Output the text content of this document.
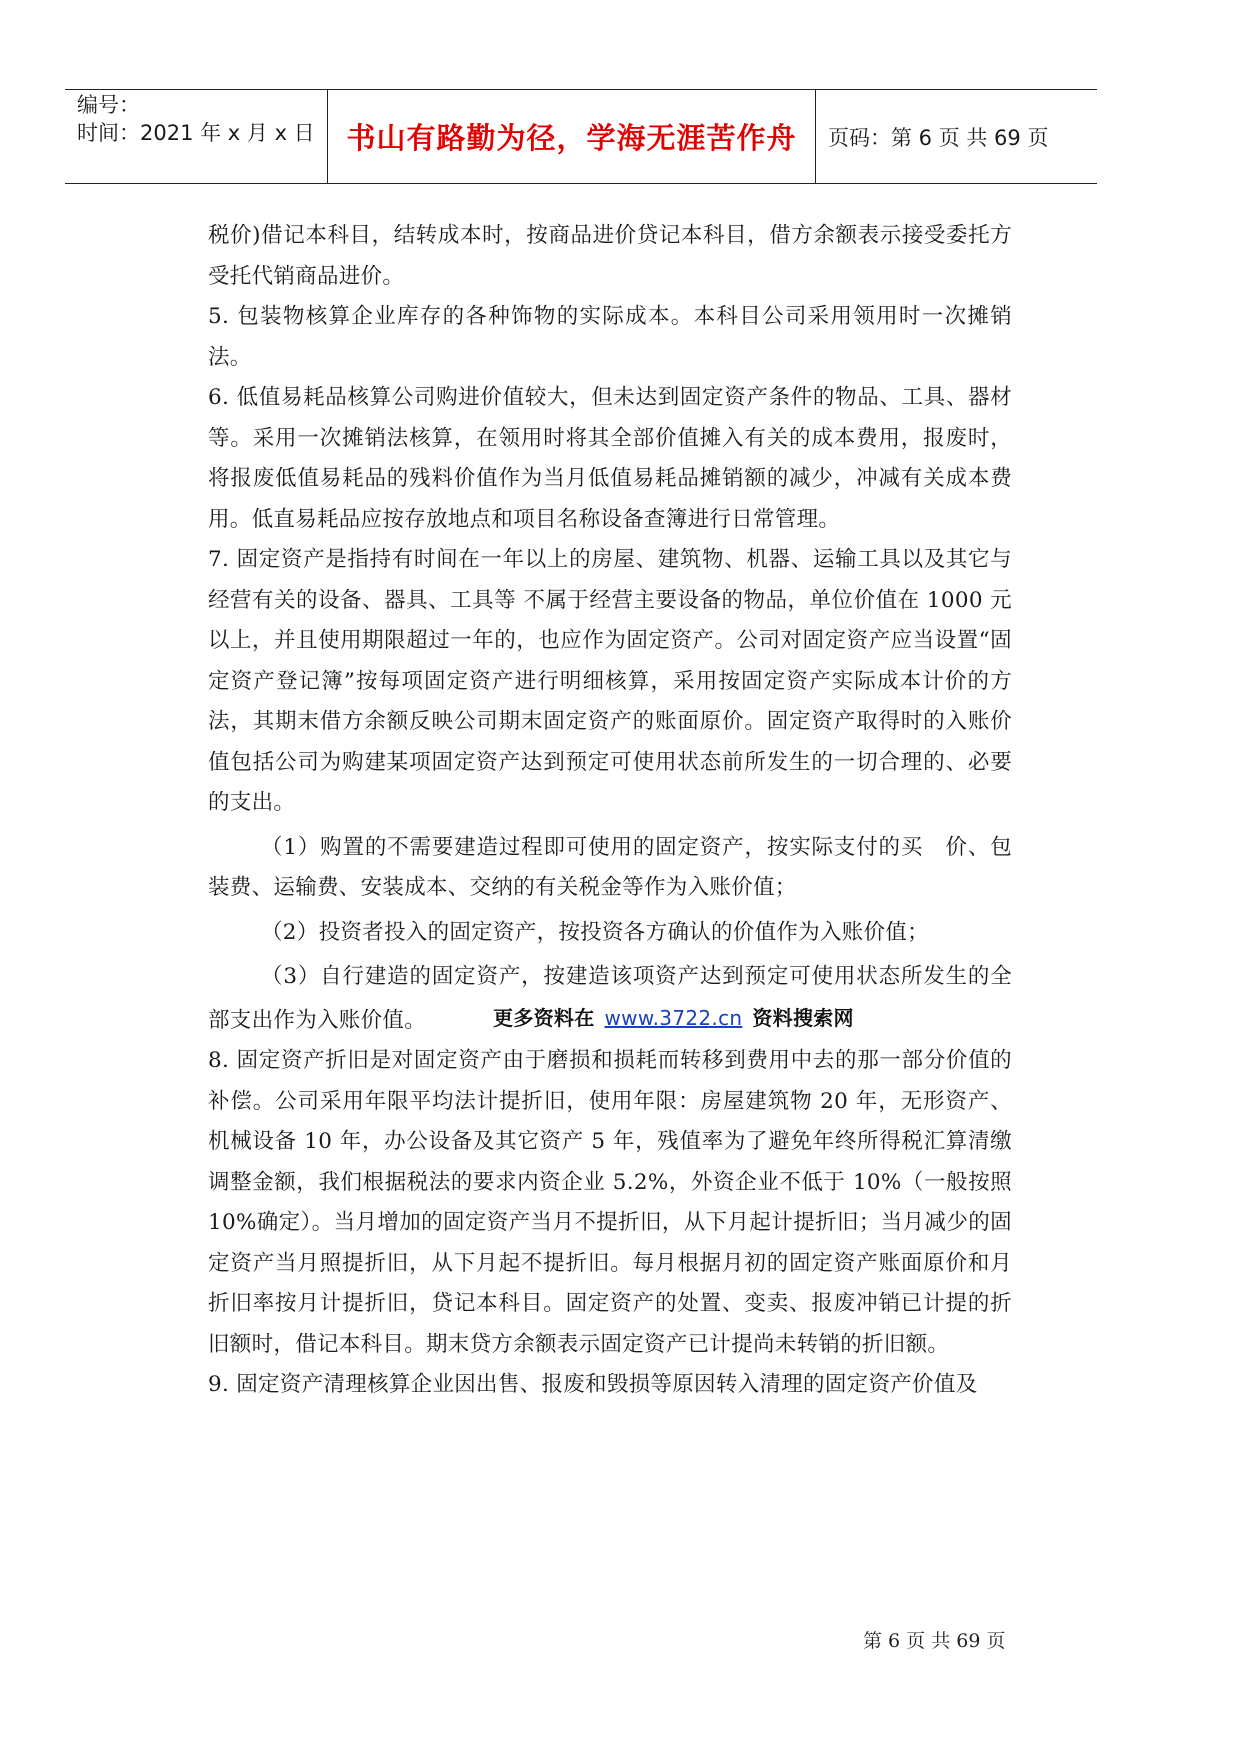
编号：
时间：2021 年 x 月 x 日	书山有路勤为径，学海无涯苦作舟	页码：第 6 页 共 69 页

税价)借记本科目，结转成本时，按商品进价贷记本科目，借方余额表示接受委托方受托代销商品进价。

5. 包装物核算企业库存的各种饰物的实际成本。本科目公司采用领用时一次摊销法。

6. 低值易耗品核算公司购进价值较大，但未达到固定资产条件的物品、工具、器材等。采用一次摊销法核算，在领用时将其全部价值摊入有关的成本费用，报废时，将报废低值易耗品的残料价值作为当月低值易耗品摊销额的减少，冲减有关成本费用。低直易耗品应按存放地点和项目名称设备查簿进行日常管理。

7. 固定资产是指持有时间在一年以上的房屋、建筑物、机器、运输工具以及其它与经营有关的设备、器具、工具等 不属于经营主要设备的物品，单位价值在 1000 元以上，并且使用期限超过一年的，也应作为固定资产。公司对固定资产应当设置“固定资产登记簿”按每项固定资产进行明细核算，采用按固定资产实际成本计价的方法，其期末借方余额反映公司期末固定资产的账面原价。固定资产取得时的入账价值包括公司为购建某项固定资产达到预定可使用状态前所发生的一切合理的、必要的支出。

（1）购置的不需要建造过程即可使用的固定资产，按实际支付的买　价、包装费、运输费、安装成本、交纳的有关税金等作为入账价值；

（2）投资者投入的固定资产，按投资各方确认的价值作为入账价值；

（3）自行建造的固定资产，按建造该项资产达到预定可使用状态所发生的全部支出作为入账价值。	更多资料在 www.3722.cn 资料搜索网

8. 固定资产折旧是对固定资产由于磨损和损耗而转移到费用中去的那一部分价值的补偿。公司采用年限平均法计提折旧，使用年限：房屋建筑物 20 年，无形资产、机械设备 10 年，办公设备及其它资产 5 年，残值率为了避免年终所得税汇算清缴调整金额，我们根据税法的要求内资企业 5.2%，外资企业不低于 10%（一般按照 10%确定）。当月增加的固定资产当月不提折旧，从下月起计提折旧；当月减少的固定资产当月照提折旧，从下月起不提折旧。每月根据月初的固定资产账面原价和月折旧率按月计提折旧，贷记本科目。固定资产的处置、变卖、报废冲销已计提的折旧额时，借记本科目。期末贷方余额表示固定资产已计提尚未转销的折旧额。

9. 固定资产清理核算企业因出售、报废和毁损等原因转入清理的固定资产价值及

第 6 页 共 69 页
